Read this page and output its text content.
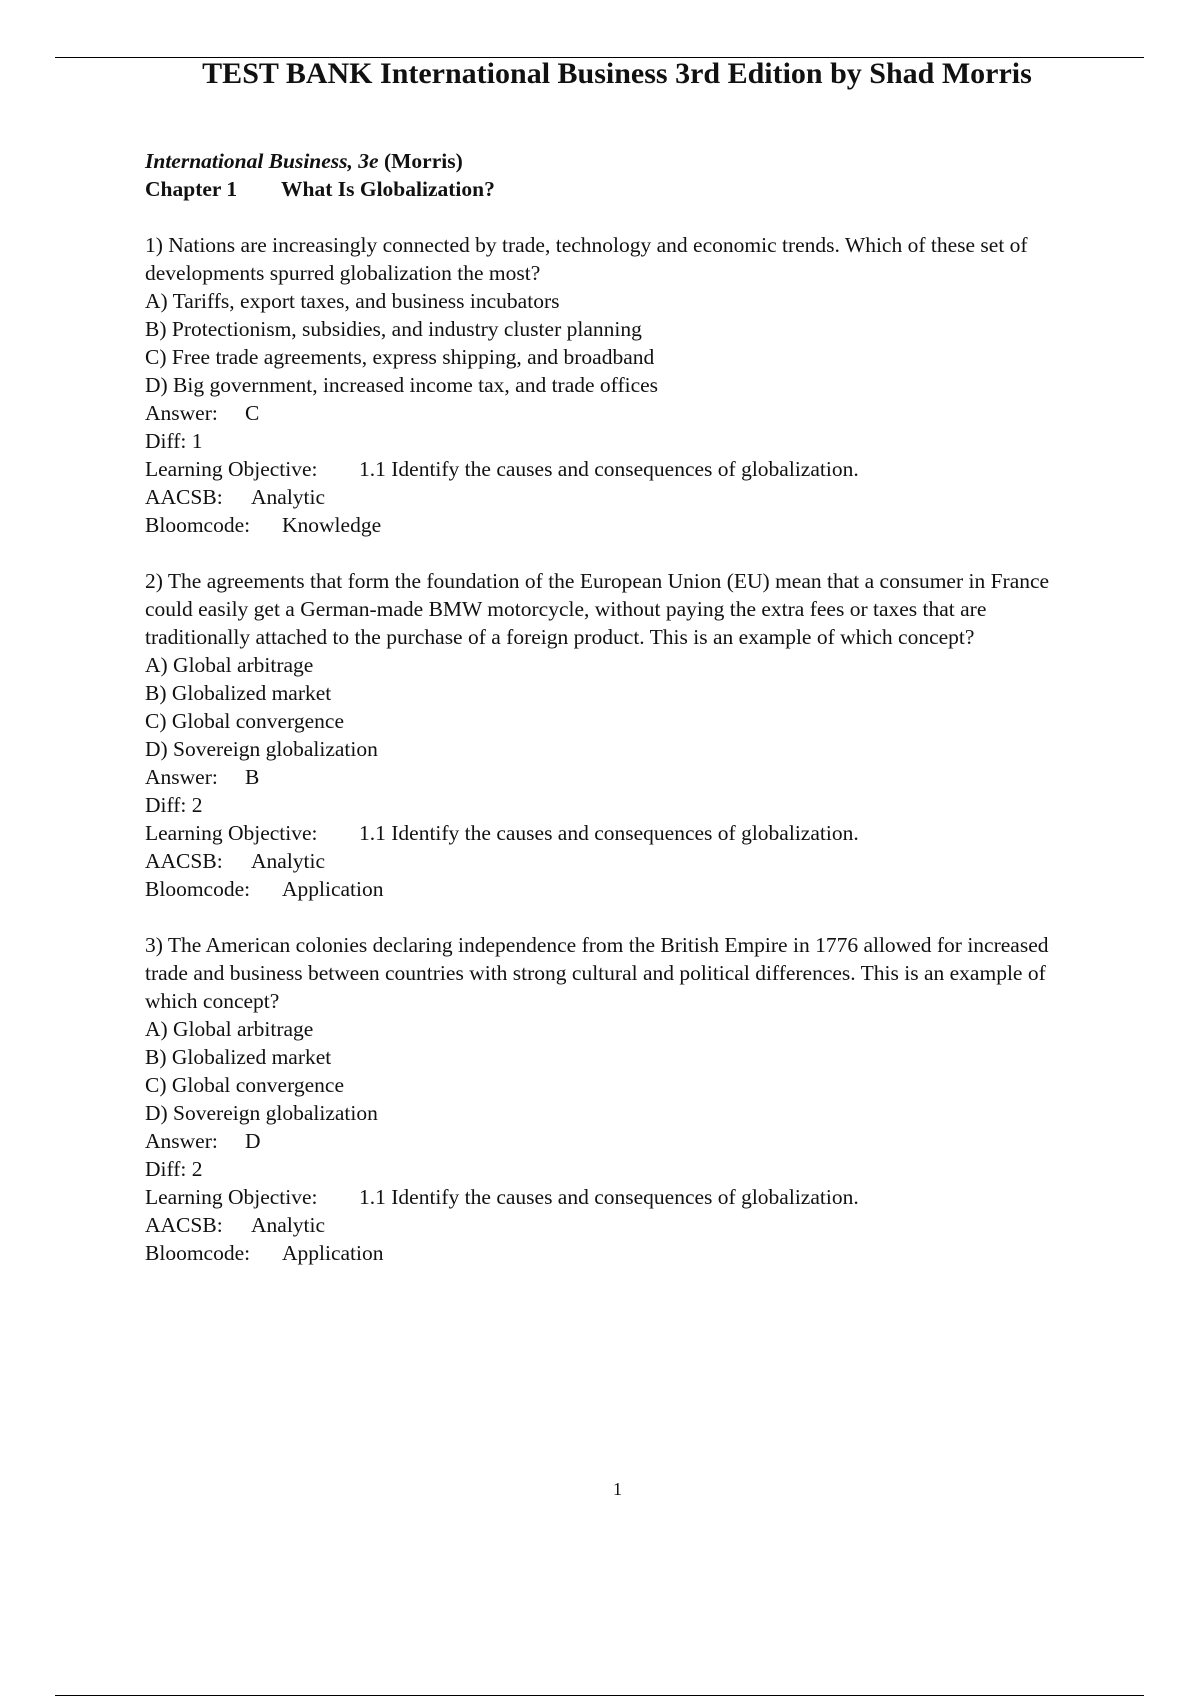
TEST BANK International Business 3rd Edition by Shad Morris
International Business, 3e (Morris)
Chapter 1 What Is Globalization?
1) Nations are increasingly connected by trade, technology and economic trends. Which of these set of developments spurred globalization the most?
A) Tariffs, export taxes, and business incubators
B) Protectionism, subsidies, and industry cluster planning
C) Free trade agreements, express shipping, and broadband
D) Big government, increased income tax, and trade offices
Answer: C
Diff: 1
Learning Objective: 1.1 Identify the causes and consequences of globalization.
AACSB: Analytic
Bloomcode: Knowledge
2) The agreements that form the foundation of the European Union (EU) mean that a consumer in France could easily get a German-made BMW motorcycle, without paying the extra fees or taxes that are traditionally attached to the purchase of a foreign product. This is an example of which concept?
A) Global arbitrage
B) Globalized market
C) Global convergence
D) Sovereign globalization
Answer: B
Diff: 2
Learning Objective: 1.1 Identify the causes and consequences of globalization.
AACSB: Analytic
Bloomcode: Application
3) The American colonies declaring independence from the British Empire in 1776 allowed for increased trade and business between countries with strong cultural and political differences. This is an example of which concept?
A) Global arbitrage
B) Globalized market
C) Global convergence
D) Sovereign globalization
Answer: D
Diff: 2
Learning Objective: 1.1 Identify the causes and consequences of globalization.
AACSB: Analytic
Bloomcode: Application
1
